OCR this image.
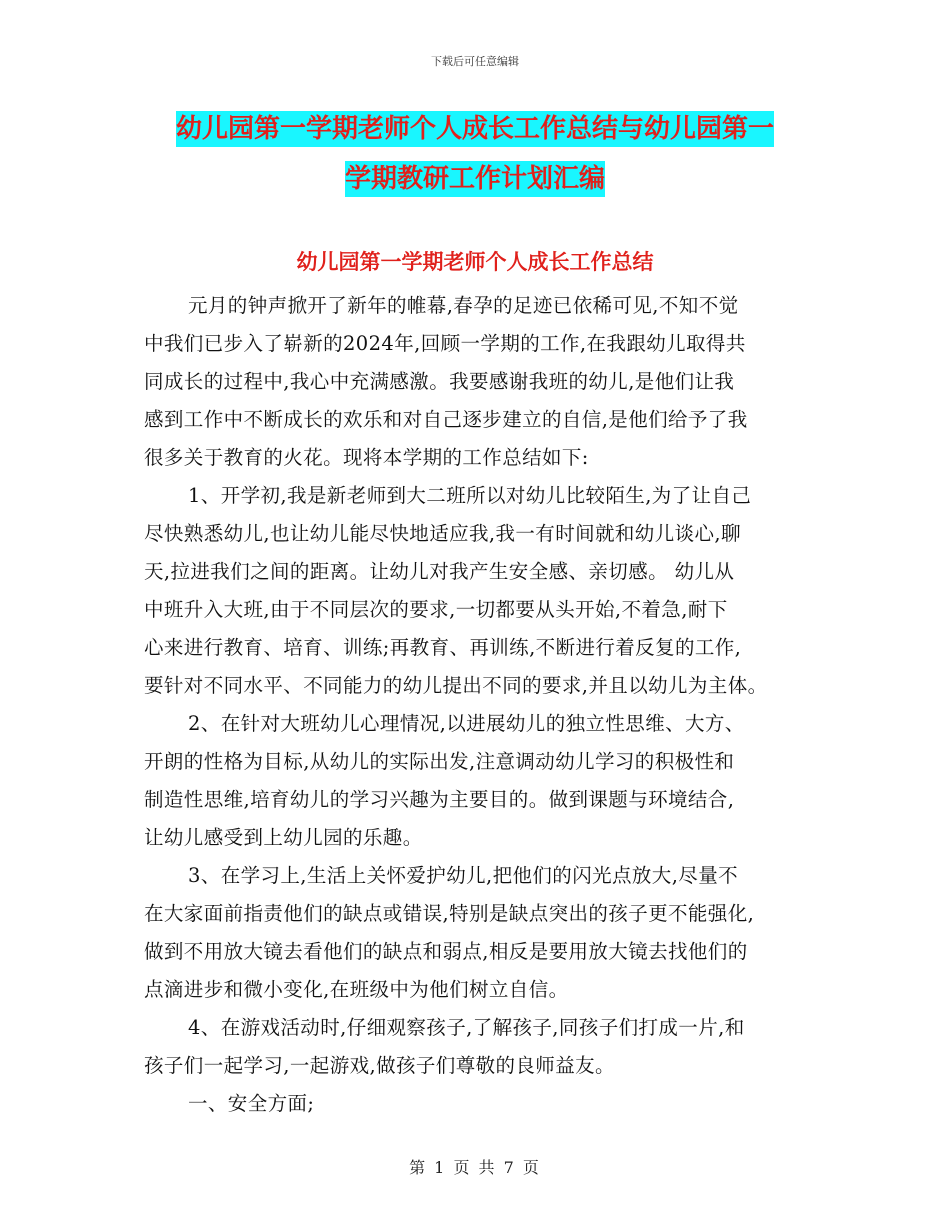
下载后可任意编辑
幼儿园第一学期老师个人成长工作总结与幼儿园第一
学期教研工作计划汇编
幼儿园第一学期老师个人成长工作总结
元月的钟声掀开了新年的帷幕,春孕的足迹已依稀可见,不知不觉
中我们已步入了崭新的2024年,回顾一学期的工作,在我跟幼儿取得共
同成长的过程中,我心中充满感激。我要感谢我班的幼儿,是他们让我
感到工作中不断成长的欢乐和对自己逐步建立的自信,是他们给予了我
很多关于教育的火花。现将本学期的工作总结如下:
1、开学初,我是新老师到大二班所以对幼儿比较陌生,为了让自己
尽快熟悉幼儿,也让幼儿能尽快地适应我,我一有时间就和幼儿谈心,聊
天,拉进我们之间的距离。让幼儿对我产生安全感、亲切感。 幼儿从
中班升入大班,由于不同层次的要求,一切都要从头开始,不着急,耐下
心来进行教育、培育、训练;再教育、再训练,不断进行着反复的工作,
要针对不同水平、不同能力的幼儿提出不同的要求,并且以幼儿为主体。
2、在针对大班幼儿心理情况,以进展幼儿的独立性思维、大方、
开朗的性格为目标,从幼儿的实际出发,注意调动幼儿学习的积极性和
制造性思维,培育幼儿的学习兴趣为主要目的。做到课题与环境结合,
让幼儿感受到上幼儿园的乐趣。
3、在学习上,生活上关怀爱护幼儿,把他们的闪光点放大,尽量不
在大家面前指责他们的缺点或错误,特别是缺点突出的孩子更不能强化,
做到不用放大镜去看他们的缺点和弱点,相反是要用放大镜去找他们的
点滴进步和微小变化,在班级中为他们树立自信。
4、在游戏活动时,仔细观察孩子,了解孩子,同孩子们打成一片,和
孩子们一起学习,一起游戏,做孩子们尊敬的良师益友。
一、安全方面;
第 1 页 共 7 页
